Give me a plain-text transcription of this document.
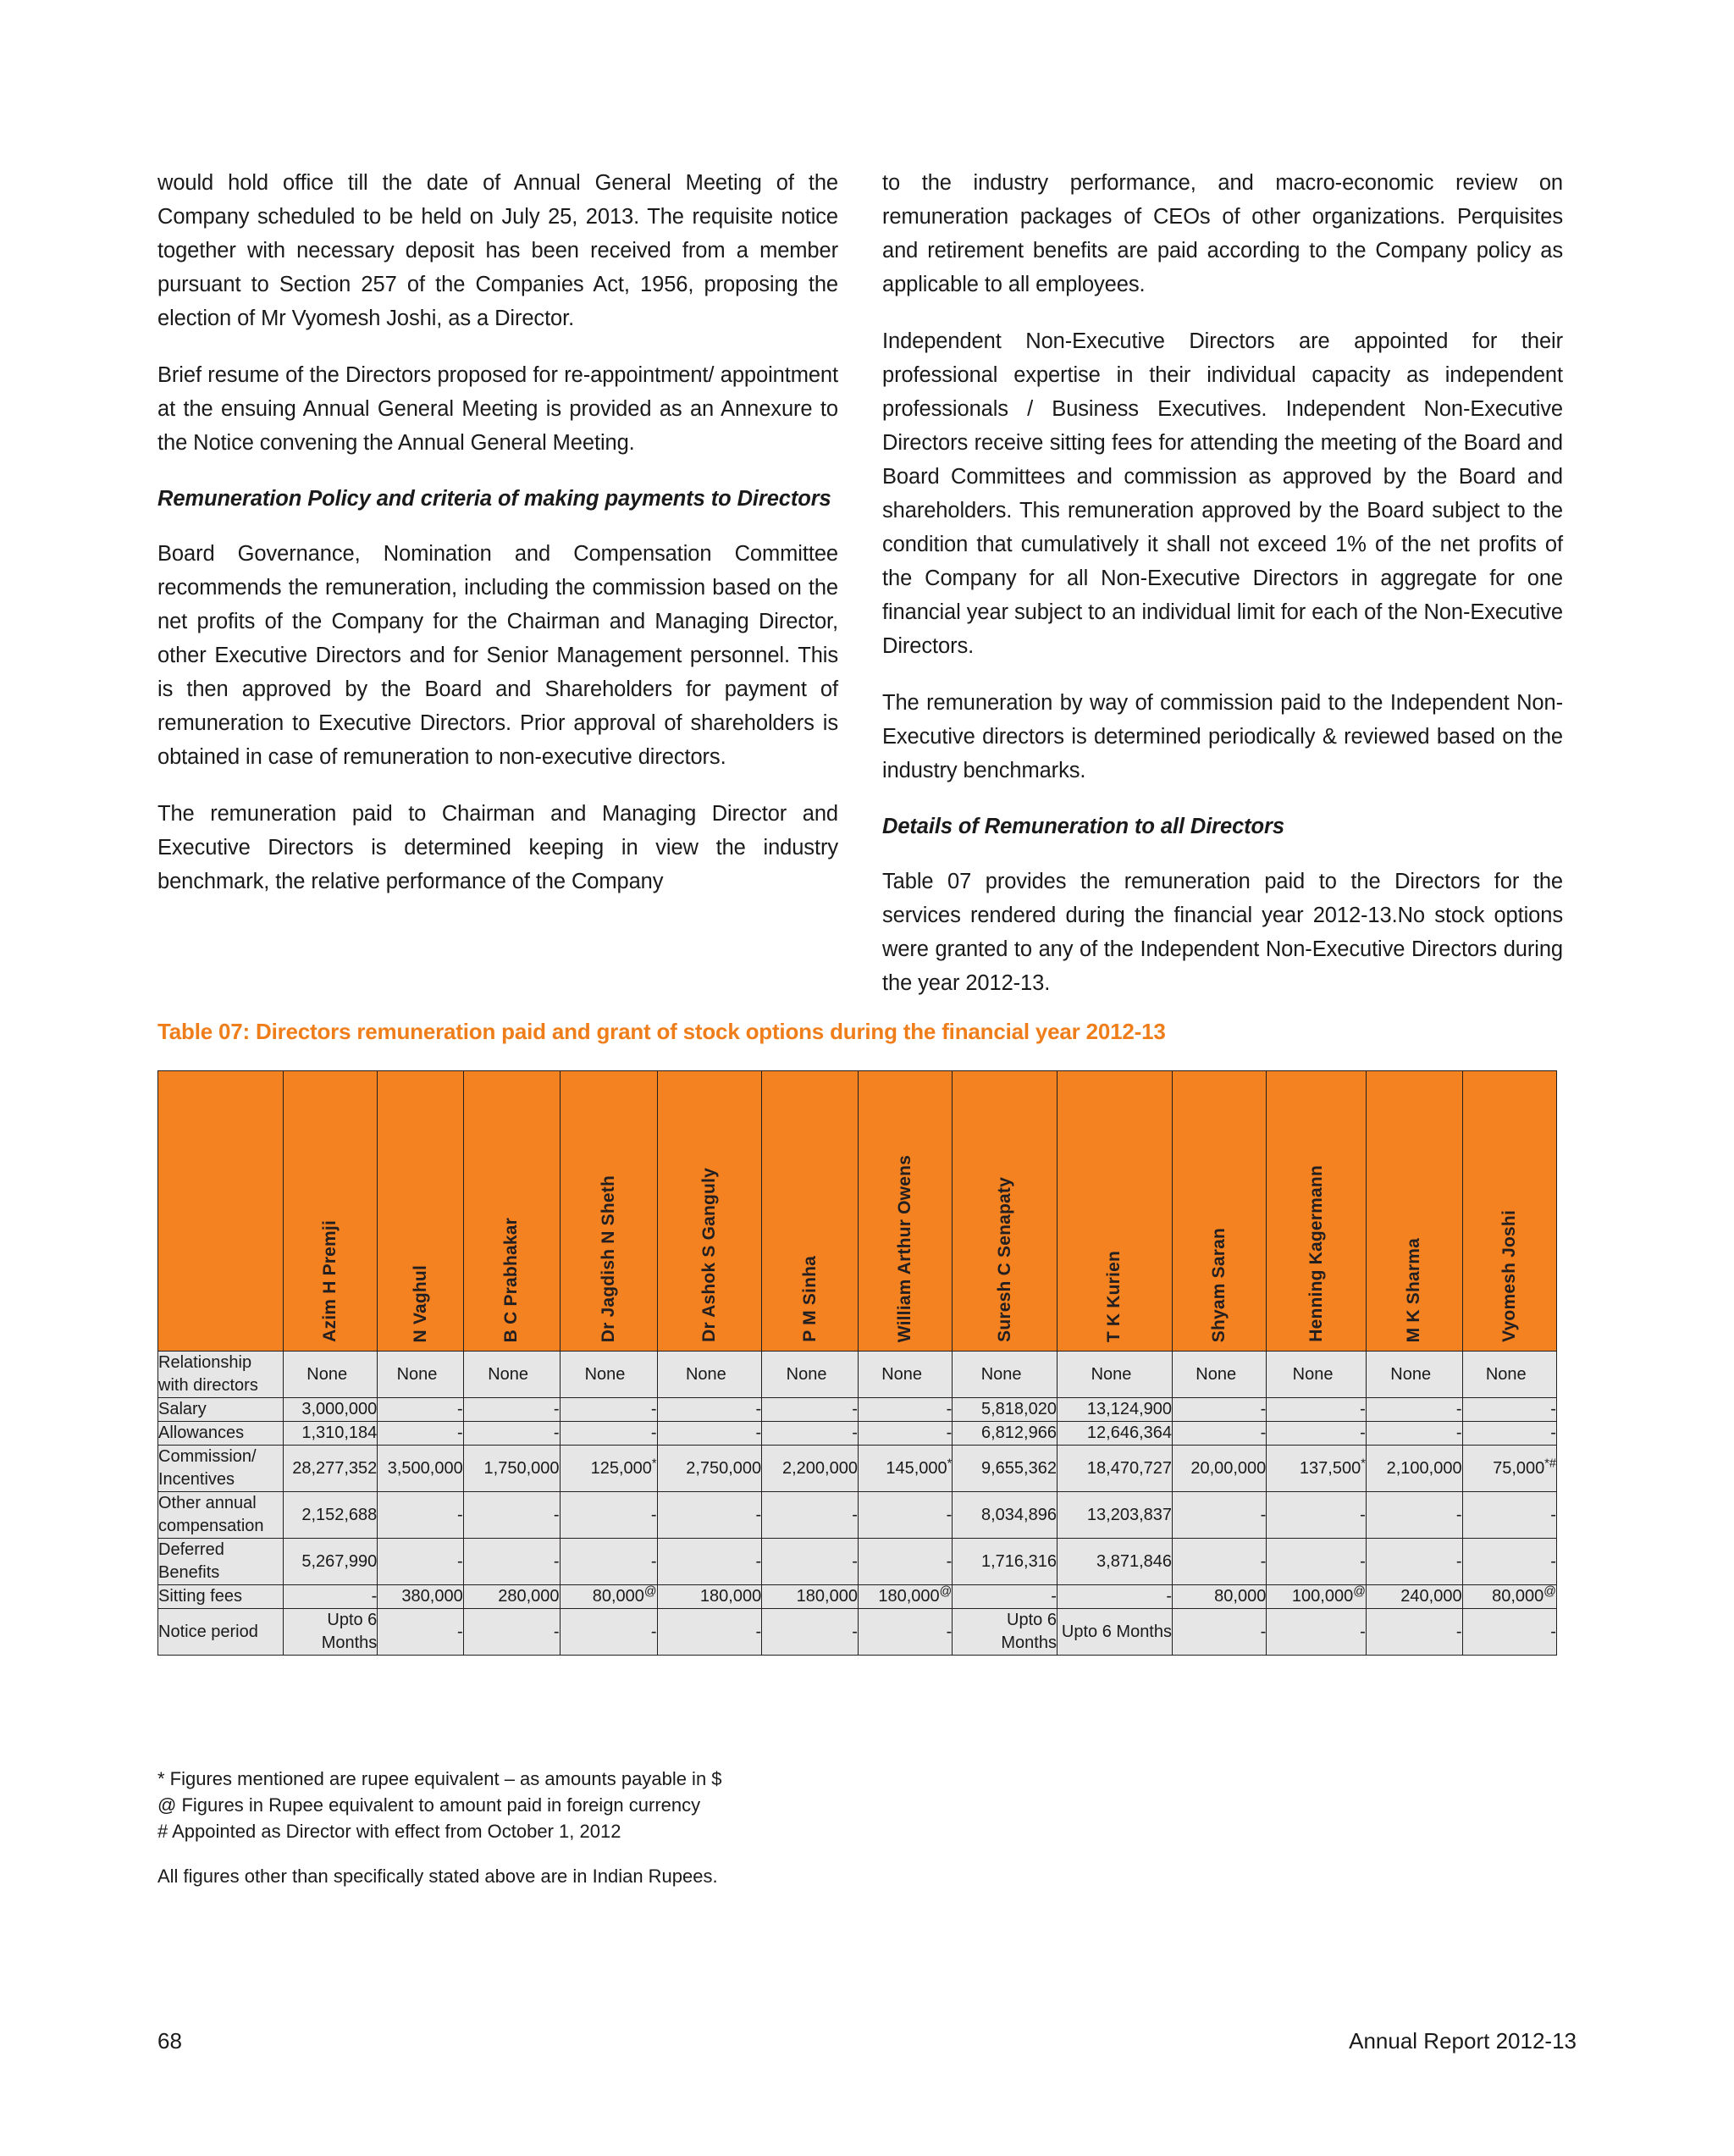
would hold office till the date of Annual General Meeting of the Company scheduled to be held on July 25, 2013. The requisite notice together with necessary deposit has been received from a member pursuant to Section 257 of the Companies Act, 1956, proposing the election of Mr Vyomesh Joshi, as a Director.

Brief resume of the Directors proposed for re-appointment/ appointment at the ensuing Annual General Meeting is provided as an Annexure to the Notice convening the Annual General Meeting.

Remuneration Policy and criteria of making payments to Directors

Board Governance, Nomination and Compensation Committee recommends the remuneration, including the commission based on the net profits of the Company for the Chairman and Managing Director, other Executive Directors and for Senior Management personnel. This is then approved by the Board and Shareholders for payment of remuneration to Executive Directors. Prior approval of shareholders is obtained in case of remuneration to non-executive directors.

The remuneration paid to Chairman and Managing Director and Executive Directors is determined keeping in view the industry benchmark, the relative performance of the Company

to the industry performance, and macro-economic review on remuneration packages of CEOs of other organizations. Perquisites and retirement benefits are paid according to the Company policy as applicable to all employees.

Independent Non-Executive Directors are appointed for their professional expertise in their individual capacity as independent professionals / Business Executives. Independent Non-Executive Directors receive sitting fees for attending the meeting of the Board and Board Committees and commission as approved by the Board and shareholders. This remuneration approved by the Board subject to the condition that cumulatively it shall not exceed 1% of the net profits of the Company for all Non-Executive Directors in aggregate for one financial year subject to an individual limit for each of the Non-Executive Directors.

The remuneration by way of commission paid to the Independent Non-Executive directors is determined periodically & reviewed based on the industry benchmarks.

Details of Remuneration to all Directors

Table 07 provides the remuneration paid to the Directors for the services rendered during the financial year 2012-13.No stock options were granted to any of the Independent Non-Executive Directors during the year 2012-13.

Table 07: Directors remuneration paid and grant of stock options during the financial year 2012-13

	Azim H Premji	N Vaghul	B C Prabhakar	Dr Jagdish N Sheth	Dr Ashok S Ganguly	P M Sinha	William Arthur Owens	Suresh C Senapaty	T K Kurien	Shyam Saran	Henning Kagermann	M K Sharma	Vyomesh Joshi

Relationship with directors	None	None	None	None	None	None	None	None	None	None	None	None	None
Salary	3,000,000	-	-	-	-	-	-	5,818,020	13,124,900	-	-	-	-
Allowances	1,310,184	-	-	-	-	-	-	6,812,966	12,646,364	-	-	-	-
Commission/ Incentives	28,277,352	3,500,000	1,750,000	125,000*	2,750,000	2,200,000	145,000*	9,655,362	18,470,727	20,00,000	137,500*	2,100,000	75,000*#
Other annual compensation	2,152,688	-	-	-	-	-	-	8,034,896	13,203,837	-	-	-	-
Deferred Benefits	5,267,990	-	-	-	-	-	-	1,716,316	3,871,846	-	-	-	-
Sitting fees	-	380,000	280,000	80,000@	180,000	180,000	180,000@	-	-	80,000	100,000@	240,000	80,000@
Notice period	Upto 6 Months	-	-	-	-	-	-	Upto 6 Months	Upto 6 Months	-	-	-	-

* Figures mentioned are rupee equivalent – as amounts payable in $

@ Figures in Rupee equivalent to amount paid in foreign currency

# Appointed as Director with effect from October 1, 2012

All figures other than specifically stated above are in Indian Rupees.

68	Annual Report 2012-13
